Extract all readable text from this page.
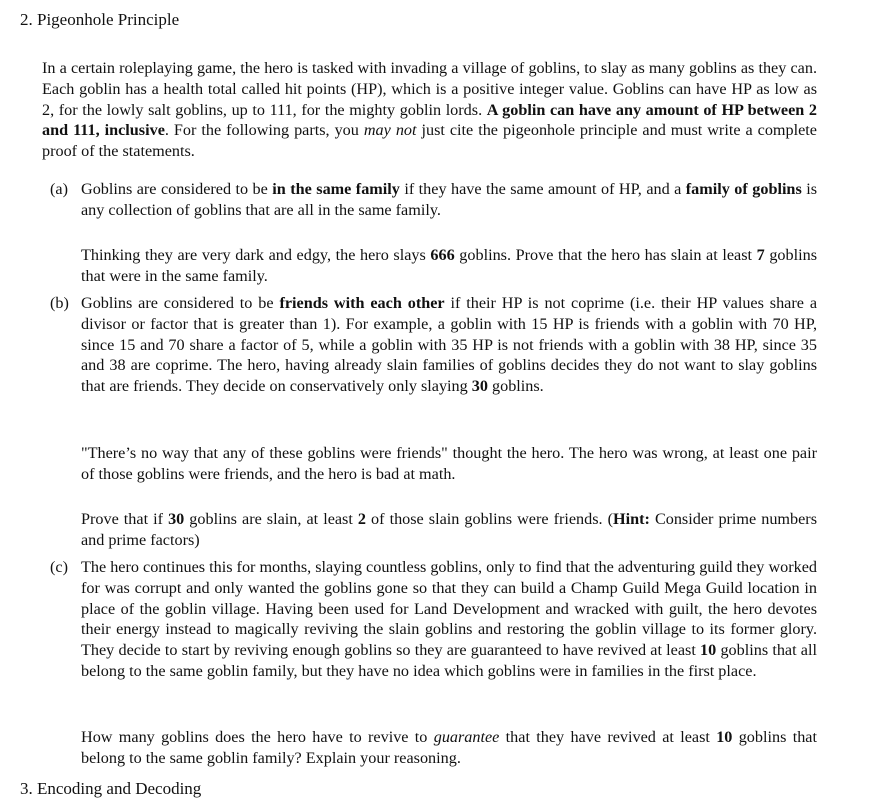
2. Pigeonhole Principle
In a certain roleplaying game, the hero is tasked with invading a village of goblins, to slay as many goblins as they can. Each goblin has a health total called hit points (HP), which is a positive integer value. Goblins can have HP as low as 2, for the lowly salt goblins, up to 111, for the mighty goblin lords. A goblin can have any amount of HP between 2 and 111, inclusive. For the following parts, you may not just cite the pigeonhole principle and must write a complete proof of the statements.
(a) Goblins are considered to be in the same family if they have the same amount of HP, and a family of goblins is any collection of goblins that are all in the same family.
Thinking they are very dark and edgy, the hero slays 666 goblins. Prove that the hero has slain at least 7 goblins that were in the same family.
(b) Goblins are considered to be friends with each other if their HP is not coprime (i.e. their HP values share a divisor or factor that is greater than 1). For example, a goblin with 15 HP is friends with a goblin with 70 HP, since 15 and 70 share a factor of 5, while a goblin with 35 HP is not friends with a goblin with 38 HP, since 35 and 38 are coprime. The hero, having already slain families of goblins decides they do not want to slay goblins that are friends. They decide on conservatively only slaying 30 goblins.
"There’s no way that any of these goblins were friends" thought the hero. The hero was wrong, at least one pair of those goblins were friends, and the hero is bad at math.
Prove that if 30 goblins are slain, at least 2 of those slain goblins were friends. (Hint: Consider prime numbers and prime factors)
(c) The hero continues this for months, slaying countless goblins, only to find that the adventuring guild they worked for was corrupt and only wanted the goblins gone so that they can build a Champ Guild Mega Guild location in place of the goblin village. Having been used for Land Development and wracked with guilt, the hero devotes their energy instead to magically reviving the slain goblins and restoring the goblin village to its former glory. They decide to start by reviving enough goblins so they are guaranteed to have revived at least 10 goblins that all belong to the same goblin family, but they have no idea which goblins were in families in the first place.
How many goblins does the hero have to revive to guarantee that they have revived at least 10 goblins that belong to the same goblin family? Explain your reasoning.
3. Encoding and Decoding
